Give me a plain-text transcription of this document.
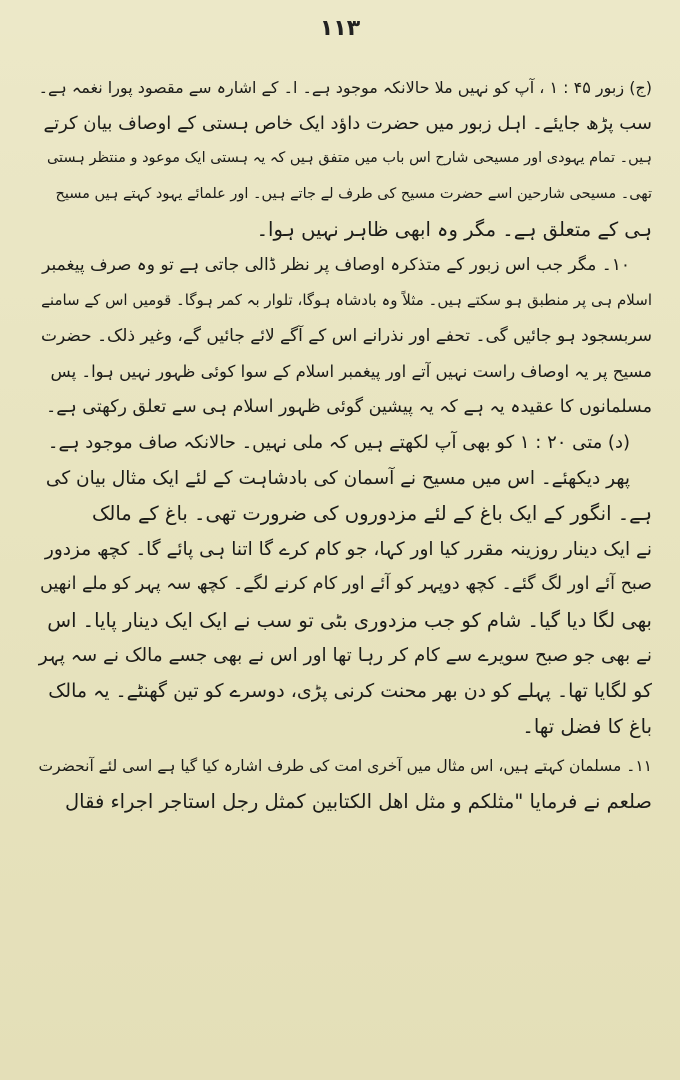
۱۱۳
(ج) زبور ۴۵ : ۱ ، آپ کو نہیں ملا حالانکہ موجود ہے۔ ا۔ کے اشارہ سے مقصود پورا نغمہ ہے۔
سب پڑھ جایئے۔ اہل زبور میں حضرت داؤد ایک خاص ہستی کے اوصاف بیان کرتے
ہیں۔ تمام یہودی اور مسیحی شارح اس باب میں متفق ہیں کہ یہ ہستی ایک موعود و منتظر ہستی
تھی۔ مسیحی شارحین اسے حضرت مسیح کی طرف لے جاتے ہیں۔ اور علمائے یہود کہتے ہیں مسیح
ہی کے متعلق ہے۔ مگر وہ ابھی ظاہر نہیں ہوا۔
۱۰۔ مگر جب اس زبور کے متذکرہ اوصاف پر نظر ڈالی جاتی ہے تو وہ صرف پیغمبر
اسلام ہی پر منطبق ہو سکتے ہیں۔ مثلاً وہ بادشاہ ہوگا، تلوار بہ کمر ہوگا۔ قومیں اس کے سامنے
سربسجود ہو جائیں گی۔ تحفے اور نذرانے اس کے آگے لائے جائیں گے، وغیر ذلک۔ حضرت
مسیح پر یہ اوصاف راست نہیں آتے اور پیغمبر اسلام کے سوا کوئی ظہور نہیں ہوا۔ پس
مسلمانوں کا عقیدہ یہ ہے کہ یہ پیشین گوئی ظہور اسلام ہی سے تعلق رکھتی ہے۔
(د) متی ۲۰ : ۱ کو بھی آپ لکھتے ہیں کہ ملی نہیں۔ حالانکہ صاف موجود ہے۔
پھر دیکھئے۔ اس میں مسیح نے آسمان کی بادشاہت کے لئے ایک مثال بیان کی
ہے۔ انگور کے ایک باغ کے لئے مزدوروں کی ضرورت تھی۔ باغ کے مالک
نے ایک دینار روزینہ مقرر کیا اور کہا، جو کام کرے گا اتنا ہی پائے گا۔ کچھ مزدور
صبح آئے اور لگ گئے۔ کچھ دوپہر کو آئے اور کام کرنے لگے۔ کچھ سہ پہر کو ملے انھیں
بھی لگا دیا گیا۔ شام کو جب مزدوری بٹی تو سب نے ایک ایک دینار پایا۔ اس
نے بھی جو صبح سویرے سے کام کر رہا تھا اور اس نے بھی جسے مالک نے سہ پہر
کو لگایا تھا۔ پہلے کو دن بھر محنت کرنی پڑی، دوسرے کو تین گھنٹے۔ یہ مالک
باغ کا فضل تھا۔
۱۱۔ مسلمان کہتے ہیں، اس مثال میں آخری امت کی طرف اشارہ کیا گیا ہے اسی لئے آنحضرت
صلعم نے فرمایا "مثلکم و مثل اهل الکتابین کمثل رجل استاجر اجراء فقال
